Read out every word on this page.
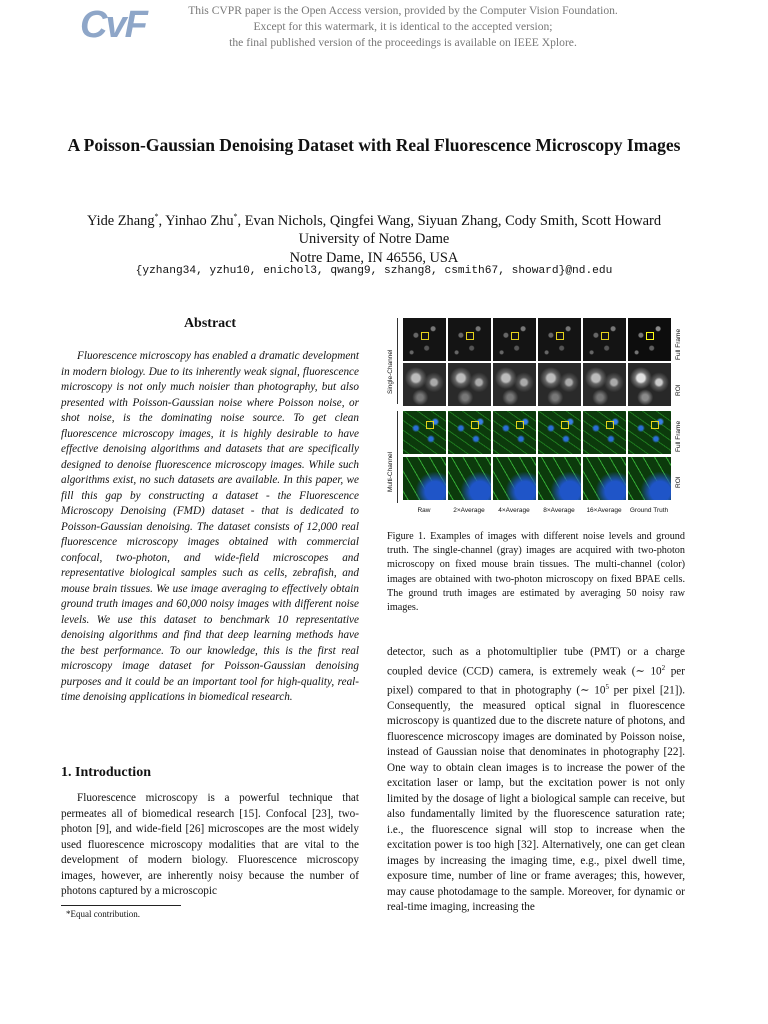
CvF	This CVPR paper is the Open Access version, provided by the Computer Vision Foundation.
Except for this watermark, it is identical to the accepted version;
the final published version of the proceedings is available on IEEE Xplore.
A Poisson-Gaussian Denoising Dataset with Real Fluorescence Microscopy Images
Yide Zhang*, Yinhao Zhu*, Evan Nichols, Qingfei Wang, Siyuan Zhang, Cody Smith, Scott Howard
University of Notre Dame
Notre Dame, IN 46556, USA
{yzhang34, yzhu10, enichol3, qwang9, szhang8, csmith67, showard}@nd.edu
Abstract
Fluorescence microscopy has enabled a dramatic development in modern biology. Due to its inherently weak signal, fluorescence microscopy is not only much noisier than photography, but also presented with Poisson-Gaussian noise where Poisson noise, or shot noise, is the dominating noise source. To get clean fluorescence microscopy images, it is highly desirable to have effective denoising algorithms and datasets that are specifically designed to denoise fluorescence microscopy images. While such algorithms exist, no such datasets are available. In this paper, we fill this gap by constructing a dataset - the Fluorescence Microscopy Denoising (FMD) dataset - that is dedicated to Poisson-Gaussian denoising. The dataset consists of 12,000 real fluorescence microscopy images obtained with commercial confocal, two-photon, and wide-field microscopes and representative biological samples such as cells, zebrafish, and mouse brain tissues. We use image averaging to effectively obtain ground truth images and 60,000 noisy images with different noise levels. We use this dataset to benchmark 10 representative denoising algorithms and find that deep learning methods have the best performance. To our knowledge, this is the first real microscopy image dataset for Poisson-Gaussian denoising purposes and it could be an important tool for high-quality, real-time denoising applications in biomedical research.
1. Introduction
Fluorescence microscopy is a powerful technique that permeates all of biomedical research [15]. Confocal [23], two-photon [9], and wide-field [26] microscopes are the most widely used fluorescence microscopy modalities that are vital to the development of modern biology. Fluorescence microscopy images, however, are inherently noisy because the number of photons captured by a microscopic
*Equal contribution.
Single-Channel
Multi-Channel
Full Frame
ROI
Full Frame
ROI
Raw	2×Average	4×Average	8×Average	16×Average	Ground Truth
Figure 1. Examples of images with different noise levels and ground truth. The single-channel (gray) images are acquired with two-photon microscopy on fixed mouse brain tissues. The multi-channel (color) images are obtained with two-photon microscopy on fixed BPAE cells. The ground truth images are estimated by averaging 50 noisy raw images.
detector, such as a photomultiplier tube (PMT) or a charge coupled device (CCD) camera, is extremely weak (∼ $10^2$ per pixel) compared to that in photography (∼ $10^5$ per pixel [21]). Consequently, the measured optical signal in fluorescence microscopy is quantized due to the discrete nature of photons, and fluorescence microscopy images are dominated by Poisson noise, instead of Gaussian noise that denominates in photography [22]. One way to obtain clean images is to increase the power of the excitation laser or lamp, but the excitation power is not only limited by the dosage of light a biological sample can receive, but also fundamentally limited by the fluorescence saturation rate; i.e., the fluorescence signal will stop to increase when the excitation power is too high [32]. Alternatively, one can get clean images by increasing the imaging time, e.g., pixel dwell time, exposure time, number of line or frame averages; this, however, may cause photodamage to the sample. Moreover, for dynamic or real-time imaging, increasing the
